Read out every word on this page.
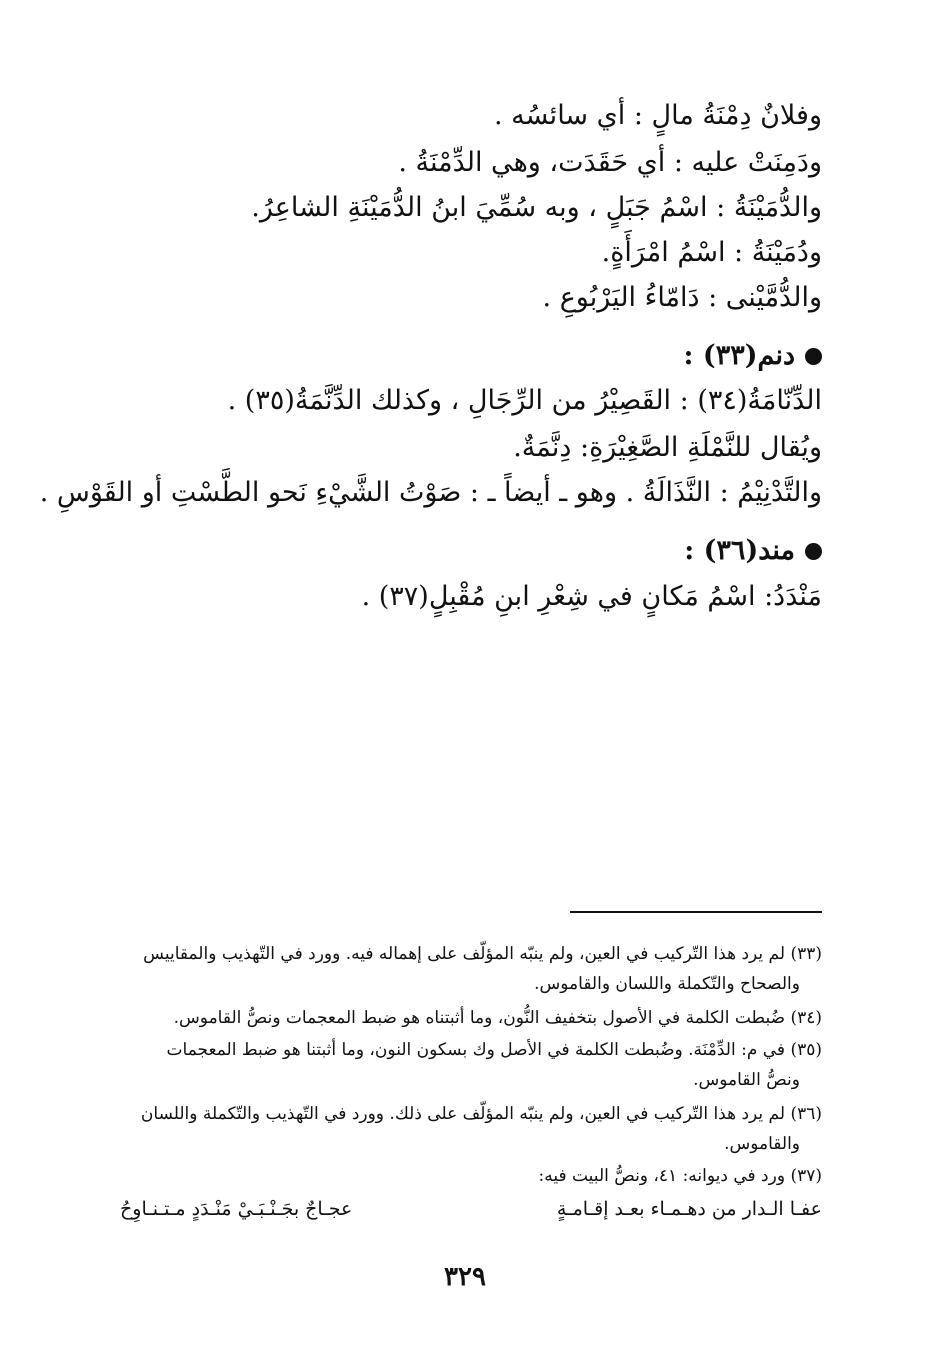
وفلانٌ دِمْنَةُ مالٍ : أي سائسُه .
ودَمِنَتْ عليه : أي حَقَدَت، وهي الدِّمْنَةُ .
والدُّمَيْنَةُ : اسْمُ جَبَلٍ ، وبه سُمِّيَ ابنُ الدُّمَيْنَةِ الشاعِرُ.
ودُمَيْنَةُ : اسْمُ امْرَأَةٍ.
والدُّمَّيْنى : دَامّاءُ اليَرْبُوعِ .
دنم(٣٣) :
الدِّنّامَةُ(٣٤) : القَصِيْرُ من الرِّجَالِ ، وكذلك الدِّنَّمَةُ(٣٥) .
ويُقال للنَّمْلَةِ الصَّغِيْرَةِ: دِنَّمَةٌ.
والتَّدْنِيْمُ : النَّذَالَةُ . وهو ـ أيضاً ـ : صَوْتُ الشَّيْءِ نَحو الطَّسْتِ أو القَوْسِ .
مند(٣٦) :
مَنْدَدُ: اسْمُ مَكانٍ في شِعْرِ ابنِ مُقْبِلٍ(٣٧) .
(٣٣) لم يرد هذا التّركيب في العين، ولم ينبّه المؤلّف على إهماله فيه. وورد في التّهذيب والمقاييس
والصحاح والتّكملة واللسان والقاموس.
(٣٤) ضُبطت الكلمة في الأصول بتخفيف النُّون، وما أثبتناه هو ضبط المعجمات ونصُّ القاموس.
(٣٥) في م: الدِّمْنَة. وضُبطت الكلمة في الأصل وك بسكون النون، وما أثبتنا هو ضبط المعجمات
ونصُّ القاموس.
(٣٦) لم يرد هذا التّركيب في العين، ولم ينبّه المؤلّف على ذلك. وورد في التّهذيب والتّكملة واللسان
والقاموس.
(٣٧) ورد في ديوانه: ٤١، ونصُّ البيت فيه:
عفـا الـدار من دهـمـاء بعـد إقـامـةٍ
عجـاجٌ بجَـنْـبَـيْ مَنْـدَدٍ مـتـنـاوِحُ
٣٢٩
